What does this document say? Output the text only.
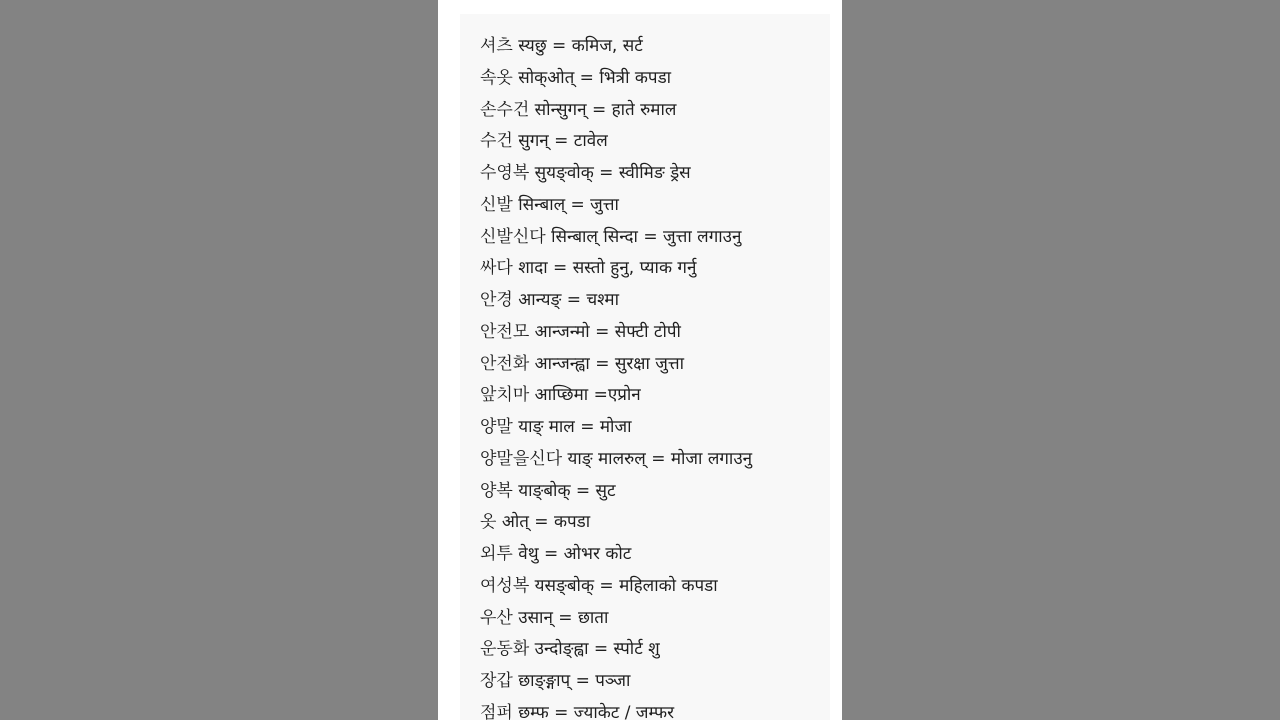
셔츠 स्यछु = कमिज, सर्ट
속옷 सोक्ओत् = भित्री कपडा
손수건 सोन्सुगन् = हाते रुमाल
수건 सुगन् = टावेल
수영복 सुयङ्वोक् = स्वीमिङ ड्रेस
신발 सिन्बाल् = जुत्ता
신발신다 सिन्बाल् सिन्दा = जुत्ता लगाउनु
싸다 शादा = सस्तो हुनु, प्याक गर्नु
안경 आन्यङ् = चश्मा
안전모 आन्जन्मो = सेफ्टी टोपी
안전화 आन्जन्ह्वा = सुरक्षा जुत्ता
앞치마 आप्छिमा =एप्रोन
양말 याङ् माल = मोजा
양말을신다 याङ् मालरुल् = मोजा लगाउनु
양복 याङ्बोक् = सुट
옷 ओत् = कपडा
외투 वेथु = ओभर कोट
여성복 यसङ्बोक् = महिलाको कपडा
우산 उसान् = छाता
운동화 उन्दोङ्ह्वा = स्पोर्ट शु
장갑 छाङ्ङ्गाप् = पञ्जा
점퍼 छम्फ = ज्याकेट / जम्फर
